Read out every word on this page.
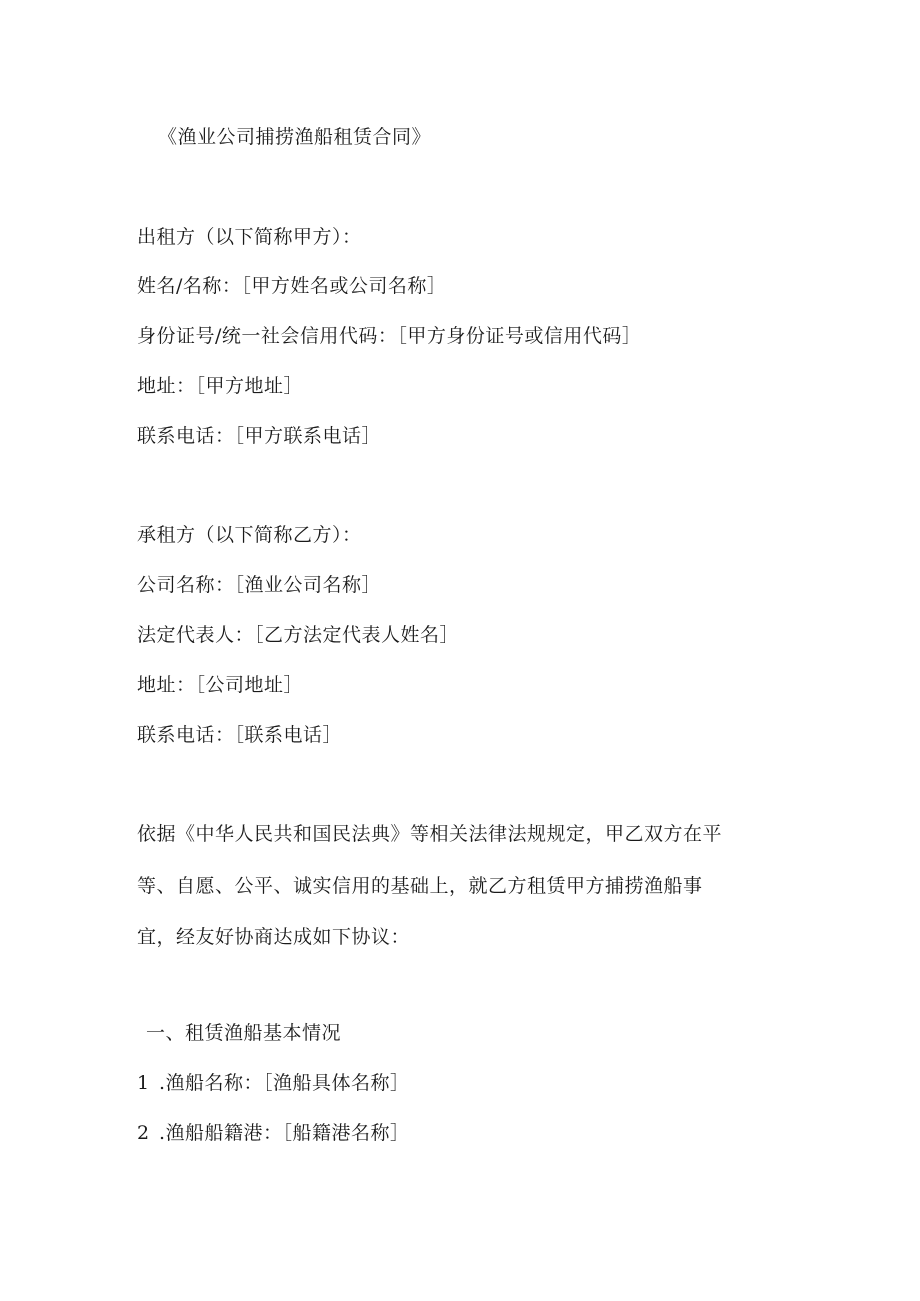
《渔业公司捕捞渔船租赁合同》
出租方（以下简称甲方）：
姓名/名称：［甲方姓名或公司名称］
身份证号/统一社会信用代码：［甲方身份证号或信用代码］
地址：［甲方地址］
联系电话：［甲方联系电话］
承租方（以下简称乙方）：
公司名称：［渔业公司名称］
法定代表人：［乙方法定代表人姓名］
地址：［公司地址］
联系电话：［联系电话］
依据《中华人民共和国民法典》等相关法律法规规定，甲乙双方在平
等、自愿、公平、诚实信用的基础上，就乙方租赁甲方捕捞渔船事
宜，经友好协商达成如下协议：
一、租赁渔船基本情况
1 .渔船名称：［渔船具体名称］
2 .渔船船籍港：［船籍港名称］
